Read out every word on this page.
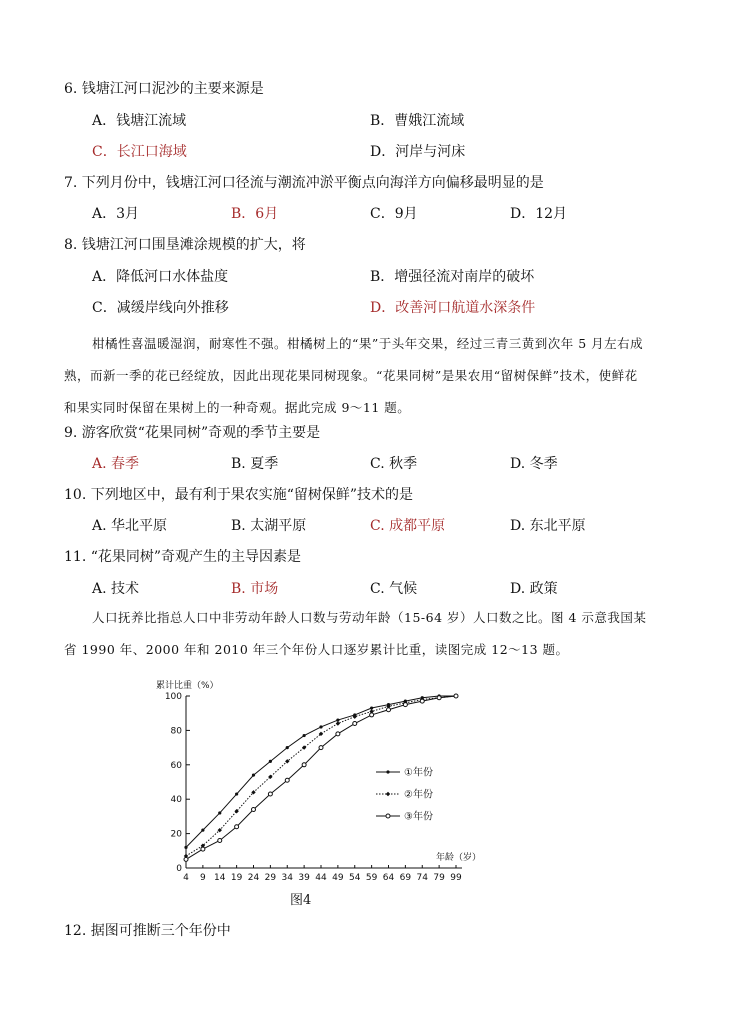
6. 钱塘江河口泥沙的主要来源是
A．钱塘江流域	B．曹娥江流域
C．长江口海域	D．河岸与河床
7. 下列月份中，钱塘江河口径流与潮流冲淤平衡点向海洋方向偏移最明显的是
A．3月	B．6月	C．9月	D．12月
8. 钱塘江河口围垦滩涂规模的扩大，将
A．降低河口水体盐度	B．增强径流对南岸的破坏
C．减缓岸线向外推移	D．改善河口航道水深条件
柑橘性喜温暖湿润，耐寒性不强。柑橘树上的“果”于头年交果，经过三青三黄到次年 5 月左右成
熟，而新一季的花已经绽放，因此出现花果同树现象。“花果同树”是果农用“留树保鲜”技术，使鲜花
和果实同时保留在果树上的一种奇观。据此完成 9～11 题。
9. 游客欣赏“花果同树”奇观的季节主要是
A. 春季	B. 夏季	C. 秋季	D. 冬季
10. 下列地区中，最有利于果农实施“留树保鲜”技术的是
A. 华北平原	B. 太湖平原	C. 成都平原	D. 东北平原
11. “花果同树”奇观产生的主导因素是
A. 技术	B. 市场	C. 气候	D. 政策
人口抚养比指总人口中非劳动年龄人口数与劳动年龄（15-64 岁）人口数之比。图 4 示意我国某
省 1990 年、2000 年和 2010 年三个年份人口逐岁累计比重，读图完成 12～13 题。
累计比重（%）
年龄（岁）
0
20
40
60
80
100
4 9 14 19 24 29 34 39 44 49 54 59 64 69 74 79 99
①年份
②年份
③年份
图4
12. 据图可推断三个年份中
